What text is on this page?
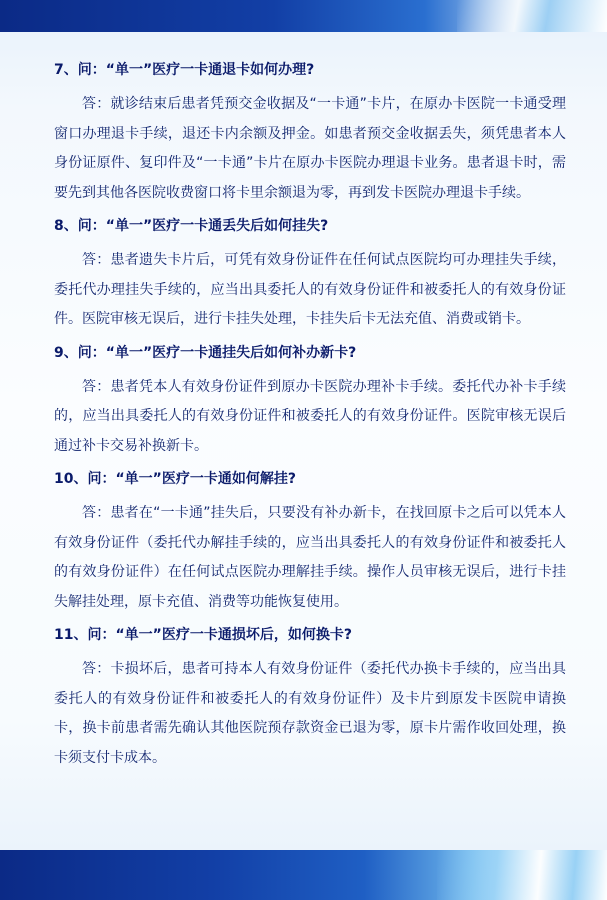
7、问：“单一”医疗一卡通退卡如何办理?

答：就诊结束后患者凭预交金收据及“一卡通”卡片，在原办卡医院一卡通受理窗口办理退卡手续，退还卡内余额及押金。如患者预交金收据丢失，须凭患者本人身份证原件、复印件及“一卡通”卡片在原办卡医院办理退卡业务。患者退卡时，需要先到其他各医院收费窗口将卡里余额退为零，再到发卡医院办理退卡手续。

8、问：“单一”医疗一卡通丢失后如何挂失?

答：患者遗失卡片后，可凭有效身份证件在任何试点医院均可办理挂失手续，委托代办理挂失手续的，应当出具委托人的有效身份证件和被委托人的有效身份证件。医院审核无误后，进行卡挂失处理，卡挂失后卡无法充值、消费或销卡。

9、问：“单一”医疗一卡通挂失后如何补办新卡?

答：患者凭本人有效身份证件到原办卡医院办理补卡手续。委托代办补卡手续的，应当出具委托人的有效身份证件和被委托人的有效身份证件。医院审核无误后通过补卡交易补换新卡。

10、问：“单一”医疗一卡通如何解挂?

答：患者在“一卡通”挂失后，只要没有补办新卡，在找回原卡之后可以凭本人有效身份证件（委托代办解挂手续的，应当出具委托人的有效身份证件和被委托人的有效身份证件）在任何试点医院办理解挂手续。操作人员审核无误后，进行卡挂失解挂处理，原卡充值、消费等功能恢复使用。

11、问：“单一”医疗一卡通损坏后，如何换卡?

答：卡损坏后，患者可持本人有效身份证件（委托代办换卡手续的，应当出具委托人的有效身份证件和被委托人的有效身份证件）及卡片到原发卡医院申请换卡，换卡前患者需先确认其他医院预存款资金已退为零，原卡片需作收回处理，换卡须支付卡成本。
